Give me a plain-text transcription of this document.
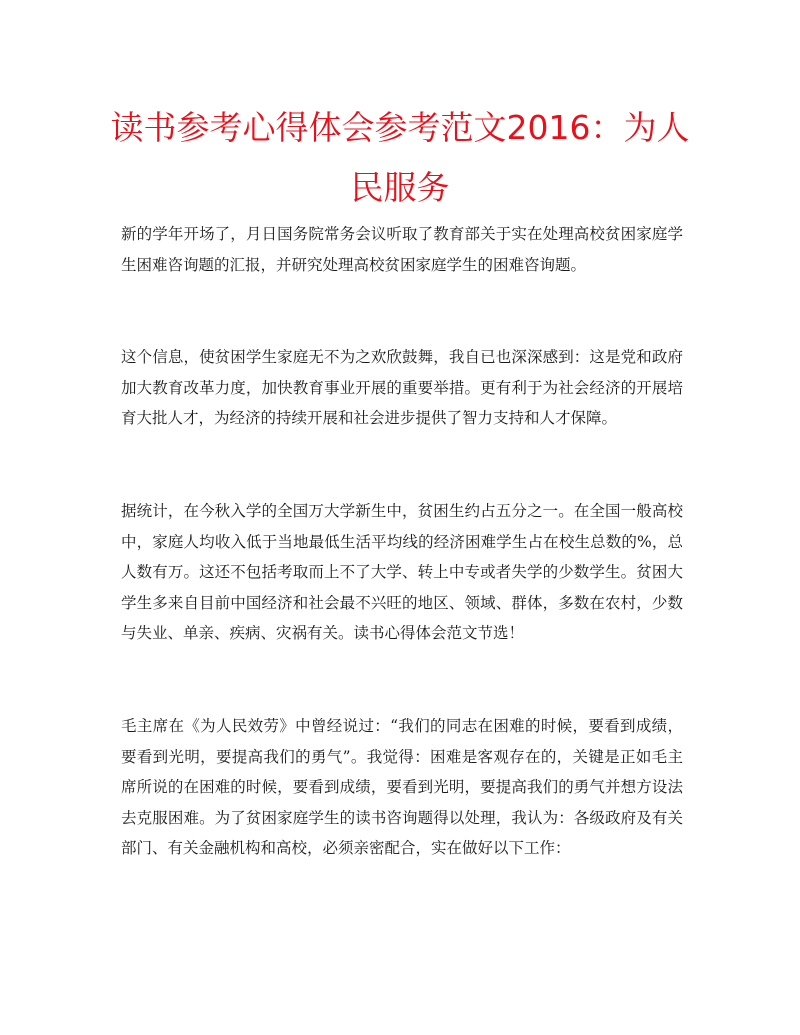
读书参考心得体会参考范文2016：为人民服务

新的学年开场了，月日国务院常务会议听取了教育部关于实在处理高校贫困家庭学生困难咨询题的汇报，并研究处理高校贫困家庭学生的困难咨询题。

这个信息，使贫困学生家庭无不为之欢欣鼓舞，我自已也深深感到：这是党和政府加大教育改革力度，加快教育事业开展的重要举措。更有利于为社会经济的开展培育大批人才，为经济的持续开展和社会进步提供了智力支持和人才保障。

据统计，在今秋入学的全国万大学新生中，贫困生约占五分之一。在全国一般高校中，家庭人均收入低于当地最低生活平均线的经济困难学生占在校生总数的%，总人数有万。这还不包括考取而上不了大学、转上中专或者失学的少数学生。贫困大学生多来自目前中国经济和社会最不兴旺的地区、领域、群体，多数在农村，少数与失业、单亲、疾病、灾祸有关。读书心得体会范文节选！

毛主席在《为人民效劳》中曾经说过：“我们的同志在困难的时候，要看到成绩，要看到光明，要提高我们的勇气”。我觉得：困难是客观存在的，关键是正如毛主席所说的在困难的时候，要看到成绩，要看到光明，要提高我们的勇气并想方设法去克服困难。为了贫困家庭学生的读书咨询题得以处理，我认为：各级政府及有关部门、有关金融机构和高校，必须亲密配合，实在做好以下工作：
